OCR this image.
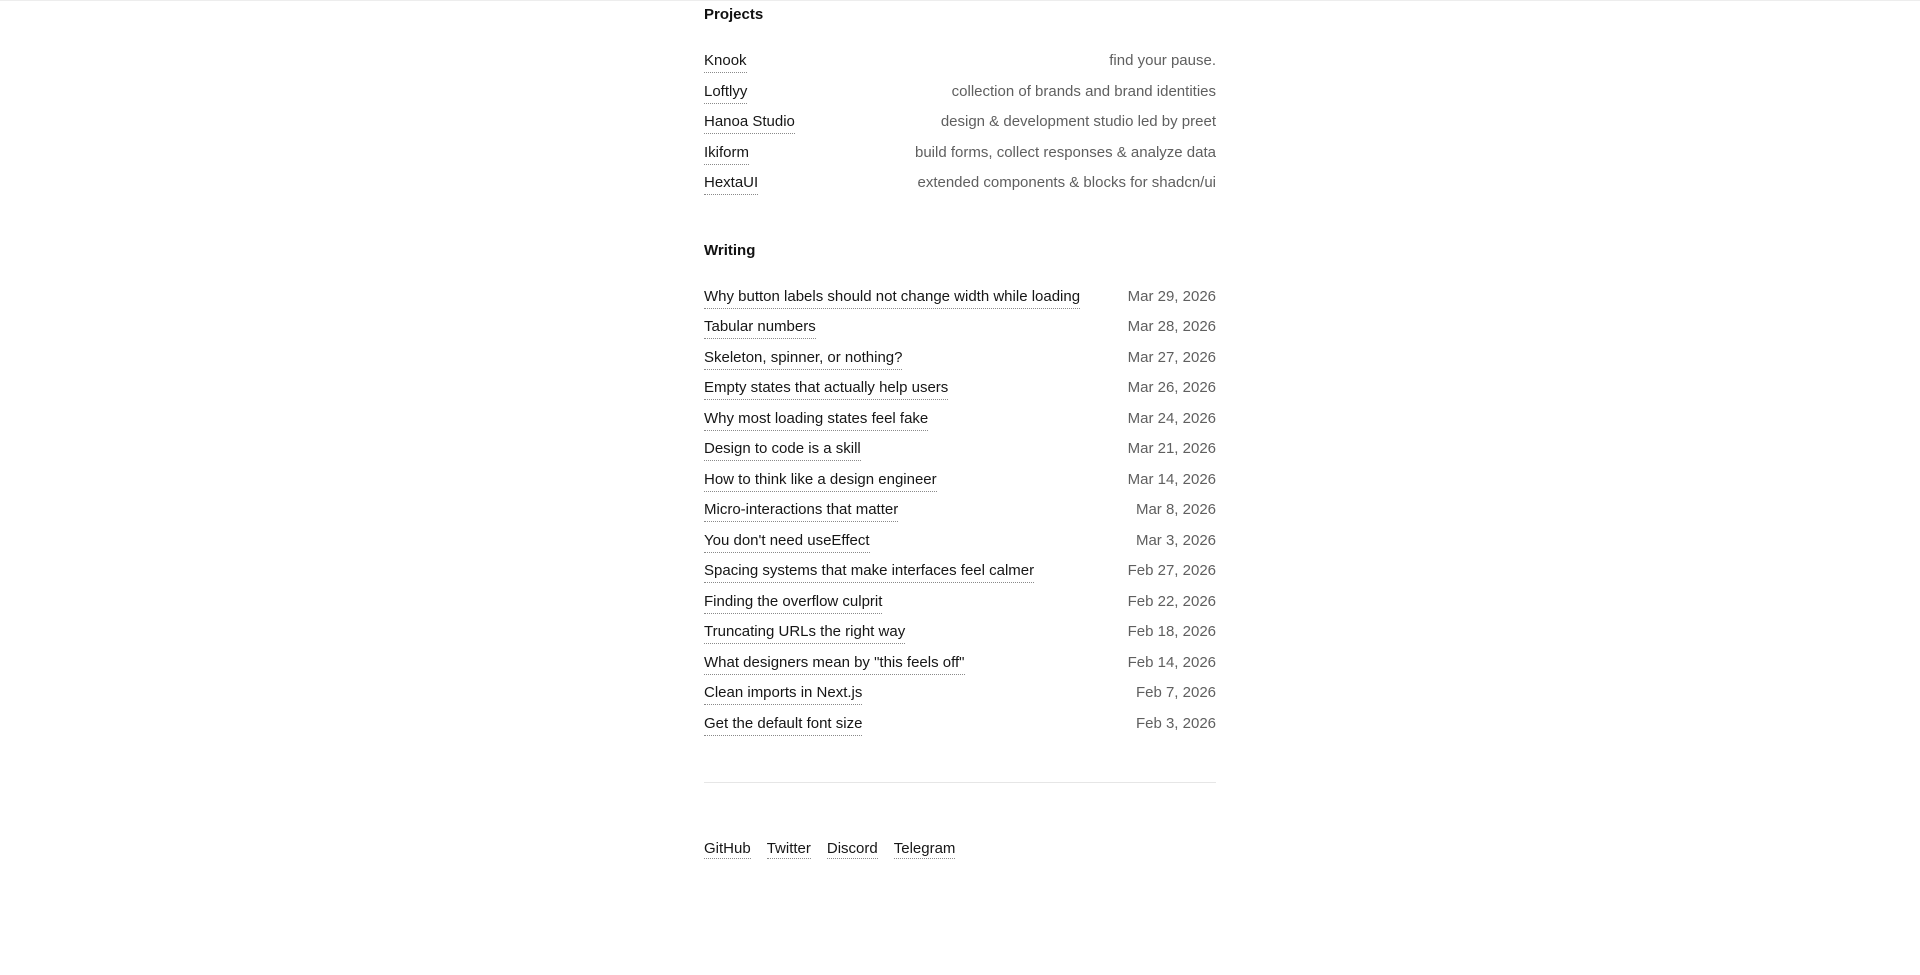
Projects
Knook	find your pause.
Loftlyy	collection of brands and brand identities
Hanoa Studio	design & development studio led by preet
Ikiform	build forms, collect responses & analyze data
HextaUI	extended components & blocks for shadcn/ui
Writing
Why button labels should not change width while loading	Mar 29, 2026
Tabular numbers	Mar 28, 2026
Skeleton, spinner, or nothing?	Mar 27, 2026
Empty states that actually help users	Mar 26, 2026
Why most loading states feel fake	Mar 24, 2026
Design to code is a skill	Mar 21, 2026
How to think like a design engineer	Mar 14, 2026
Micro-interactions that matter	Mar 8, 2026
You don't need useEffect	Mar 3, 2026
Spacing systems that make interfaces feel calmer	Feb 27, 2026
Finding the overflow culprit	Feb 22, 2026
Truncating URLs the right way	Feb 18, 2026
What designers mean by "this feels off"	Feb 14, 2026
Clean imports in Next.js	Feb 7, 2026
Get the default font size	Feb 3, 2026
GitHub Twitter Discord Telegram
